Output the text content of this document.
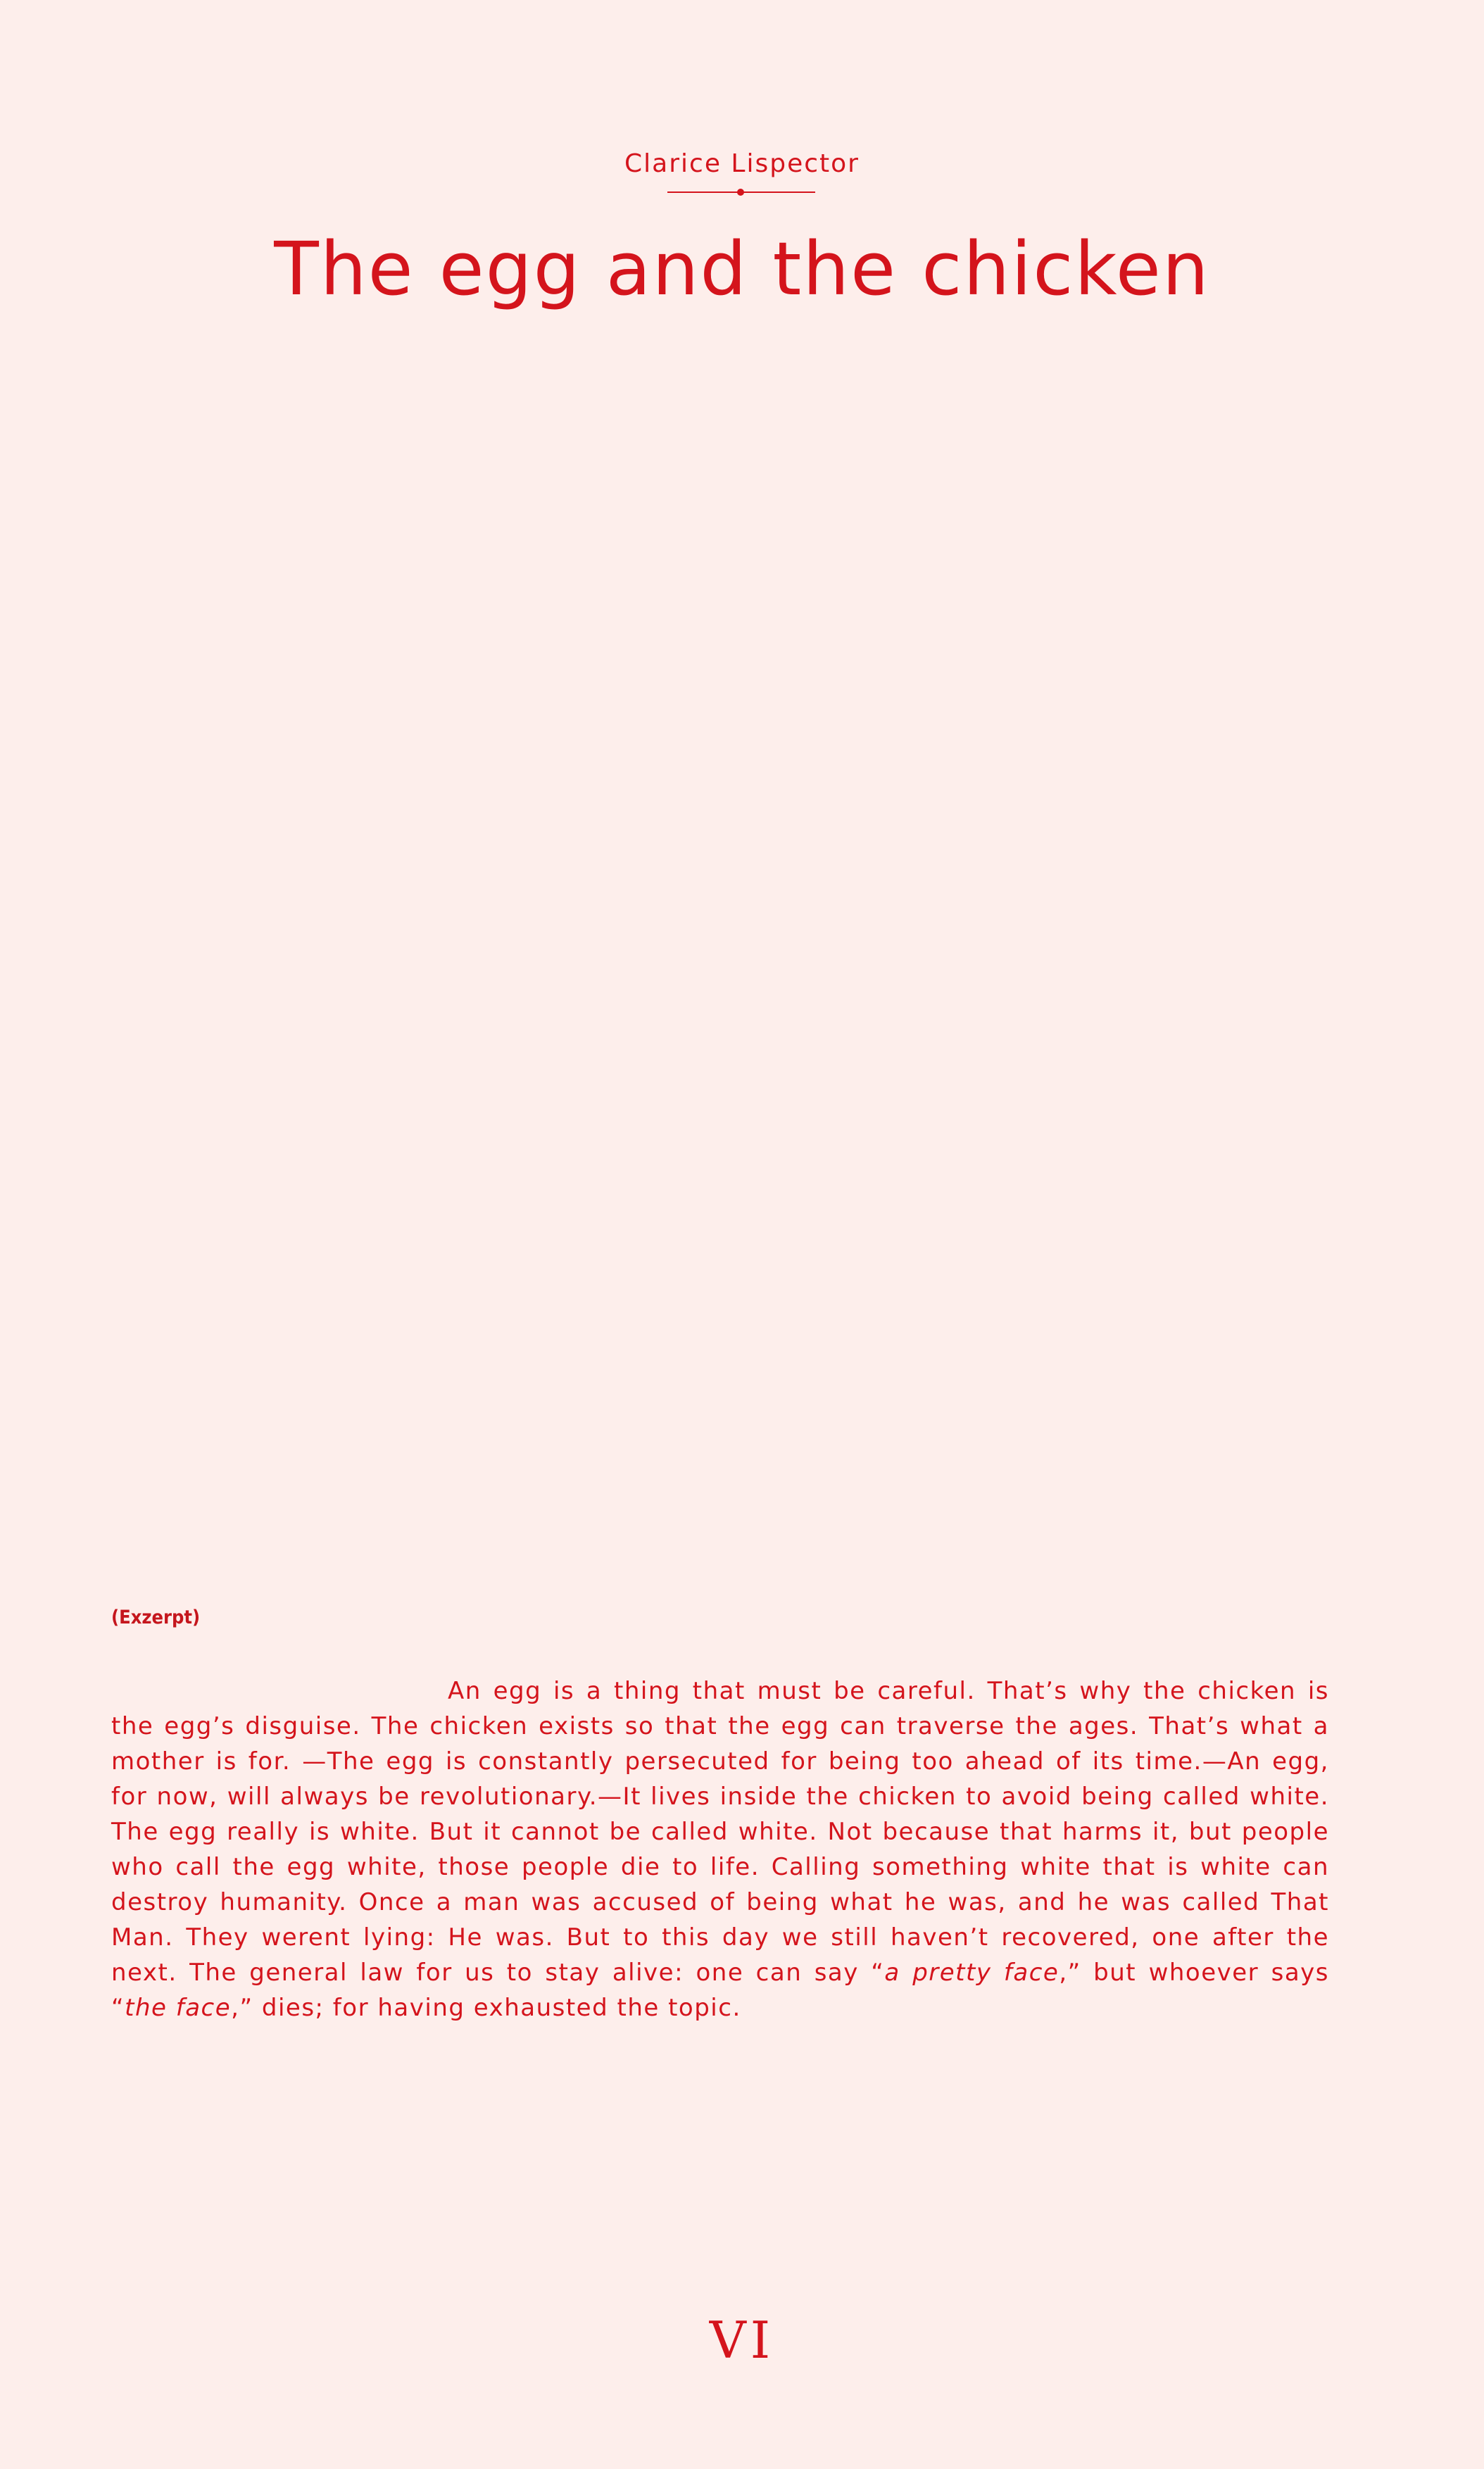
Clarice Lispector
The egg and the chicken
(Exzerpt)

An egg is a thing that must be careful. That’s why the chicken is the egg’s disguise. The chicken exists so that the egg can traverse the ages. That’s what a mother is for. —The egg is constantly persecuted for being too ahead of its time.—An egg, for now, will always be revolutionary.—It lives inside the chicken to avoid being called white. The egg really is white. But it cannot be called white. Not because that harms it, but people who call the egg white, those people die to life. Calling something white that is white can destroy humanity. Once a man was accused of being what he was, and he was called That Man. They werent lying: He was. But to this day we still haven’t recovered, one after the next. The general law for us to stay alive: one can say “a pretty face,” but whoever says “the face,” dies; for having exhausted the topic.

VI
